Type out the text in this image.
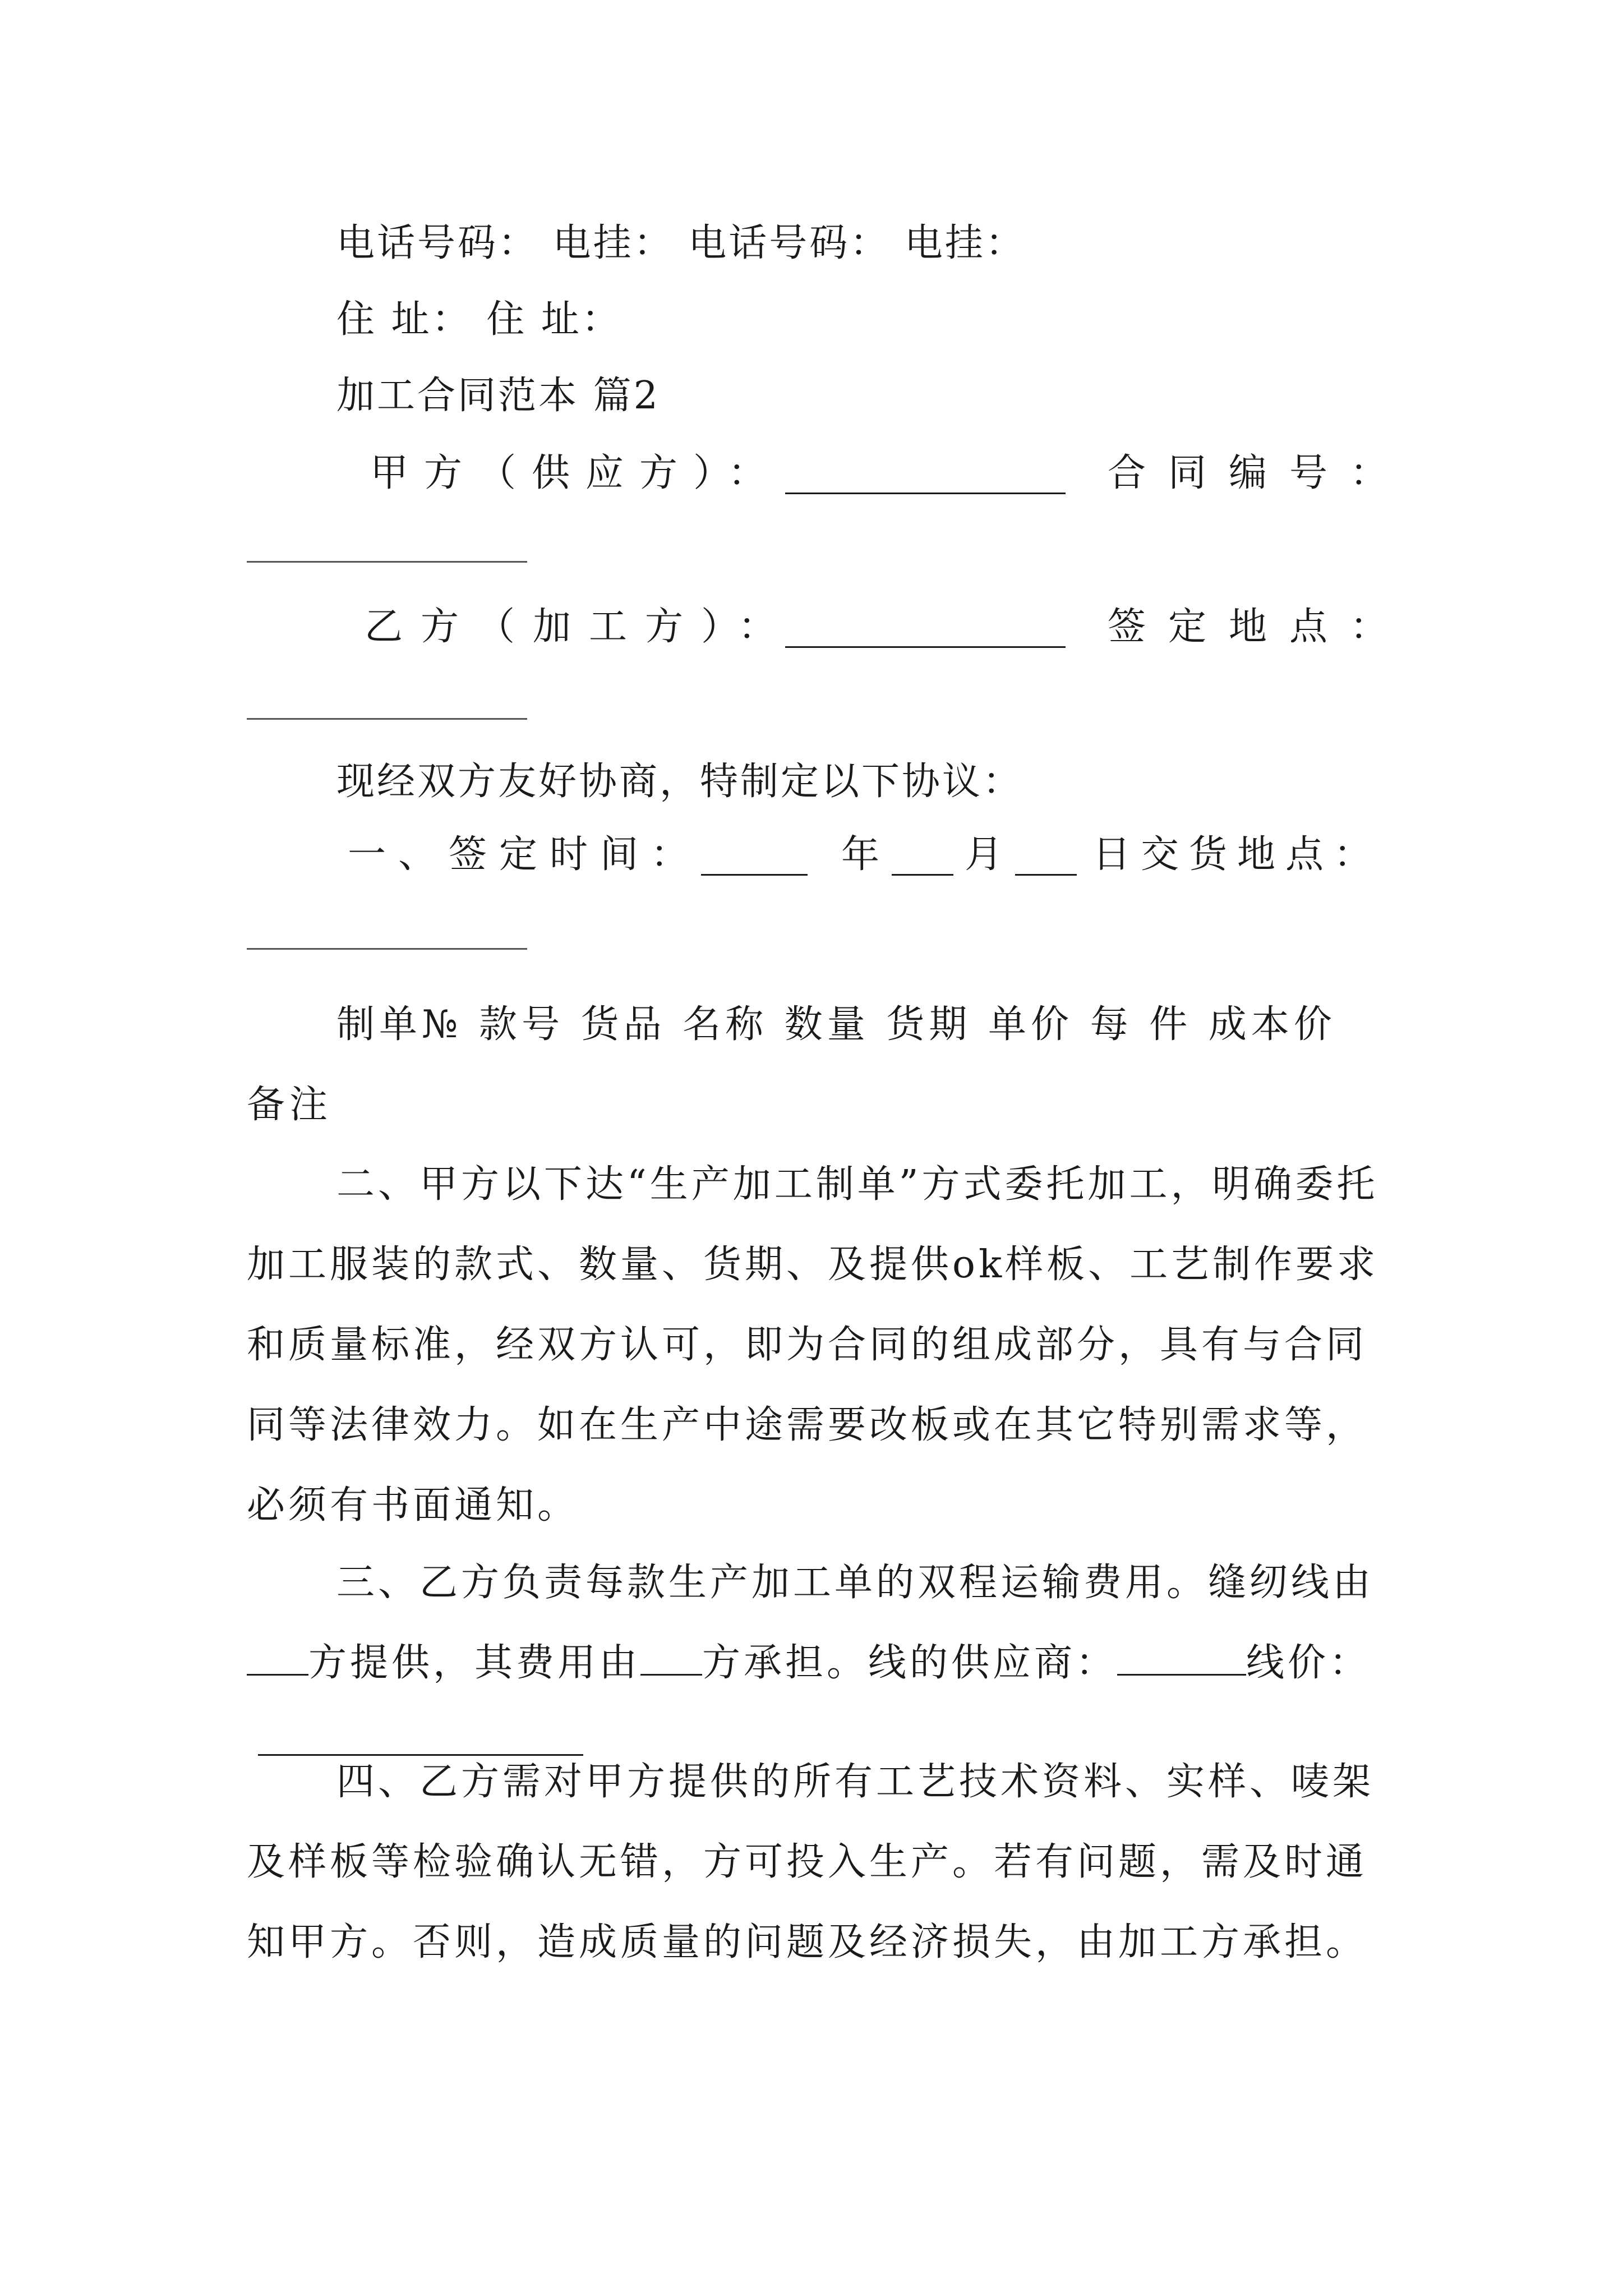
电话号码： 电挂： 电话号码： 电挂：
住 址： 住 址：
加工合同范本 篇2
甲方（供应方）：	合同编号：
乙方（加工方）：	签定地点：
现经双方友好协商，特制定以下协议：
一、签定时间：	年 月 日交货地点：
制单№ 款号 货品 名称 数量 货期 单价 每 件 成本价 备注
二、甲方以下达“生产加工制单”方式委托加工，明确委托加工服装的款式、数量、货期、及提供ok样板、工艺制作要求和质量标准，经双方认可，即为合同的组成部分，具有与合同同等法律效力。如在生产中途需要改板或在其它特别需求等，必须有书面通知。
三、乙方负责每款生产加工单的双程运输费用。缝纫线由方提供，其费用由 方承担。线的供应商：	线价：
四、乙方需对甲方提供的所有工艺技术资料、实样、唛架及样板等检验确认无错，方可投入生产。若有问题，需及时通知甲方。否则，造成质量的问题及经济损失，由加工方承担。
